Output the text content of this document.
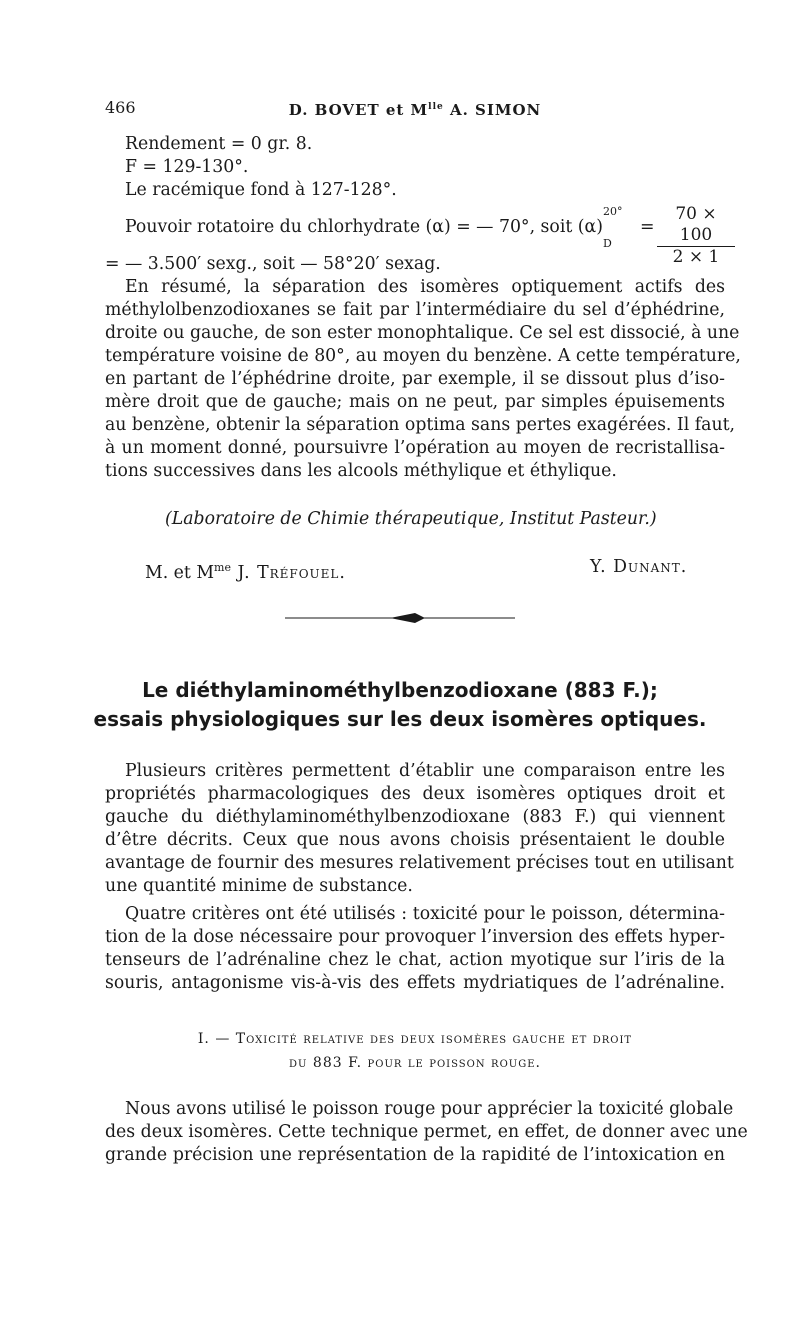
466	D. BOVET et $M^{lle}$ A. SIMON
Rendement = 0 gr. 8.
F = 129-130°.
Le racémique fond à 127-128°.
Pouvoir rotatoire du chlorhydrate (α) = — 70°, soit (α)
20°
D
= $\frac{70 \times 100}{2 \times 1}$
= — 3.500′ sexg., soit — 58°20′ sexag.
En résumé, la séparation des isomères optiquement actifs des
méthylolbenzodioxanes se fait par l’intermédiaire du sel d’éphédrine,
droite ou gauche, de son ester monophtalique. Ce sel est dissocié, à une
température voisine de 80°, au moyen du benzène. A cette température,
en partant de l’éphédrine droite, par exemple, il se dissout plus d’iso-
mère droit que de gauche; mais on ne peut, par simples épuisements
au benzène, obtenir la séparation optima sans pertes exagérées. Il faut,
à un moment donné, poursuivre l’opération au moyen de recristallisa-
tions successives dans les alcools méthylique et éthylique.
(Laboratoire de Chimie thérapeutique, Institut Pasteur.)
M. et $M^{me}$ J. Tréfouel.	Y. Dunant.
Le diéthylaminométhylbenzodioxane (883 F.);
essais physiologiques sur les deux isomères optiques.
Plusieurs critères permettent d’établir une comparaison entre les
propriétés pharmacologiques des deux isomères optiques droit et
gauche du diéthylaminométhylbenzodioxane (883 F.) qui viennent
d’être décrits. Ceux que nous avons choisis présentaient le double
avantage de fournir des mesures relativement précises tout en utilisant
une quantité minime de substance.
Quatre critères ont été utilisés : toxicité pour le poisson, détermina-
tion de la dose nécessaire pour provoquer l’inversion des effets hyper-
tenseurs de l’adrénaline chez le chat, action myotique sur l’iris de la
souris, antagonisme vis-à-vis des effets mydriatiques de l’adrénaline.
I. — Toxicité relative des deux isomères gauche et droit
du 883 F. pour le poisson rouge.
Nous avons utilisé le poisson rouge pour apprécier la toxicité globale
des deux isomères. Cette technique permet, en effet, de donner avec une
grande précision une représentation de la rapidité de l’intoxication en
